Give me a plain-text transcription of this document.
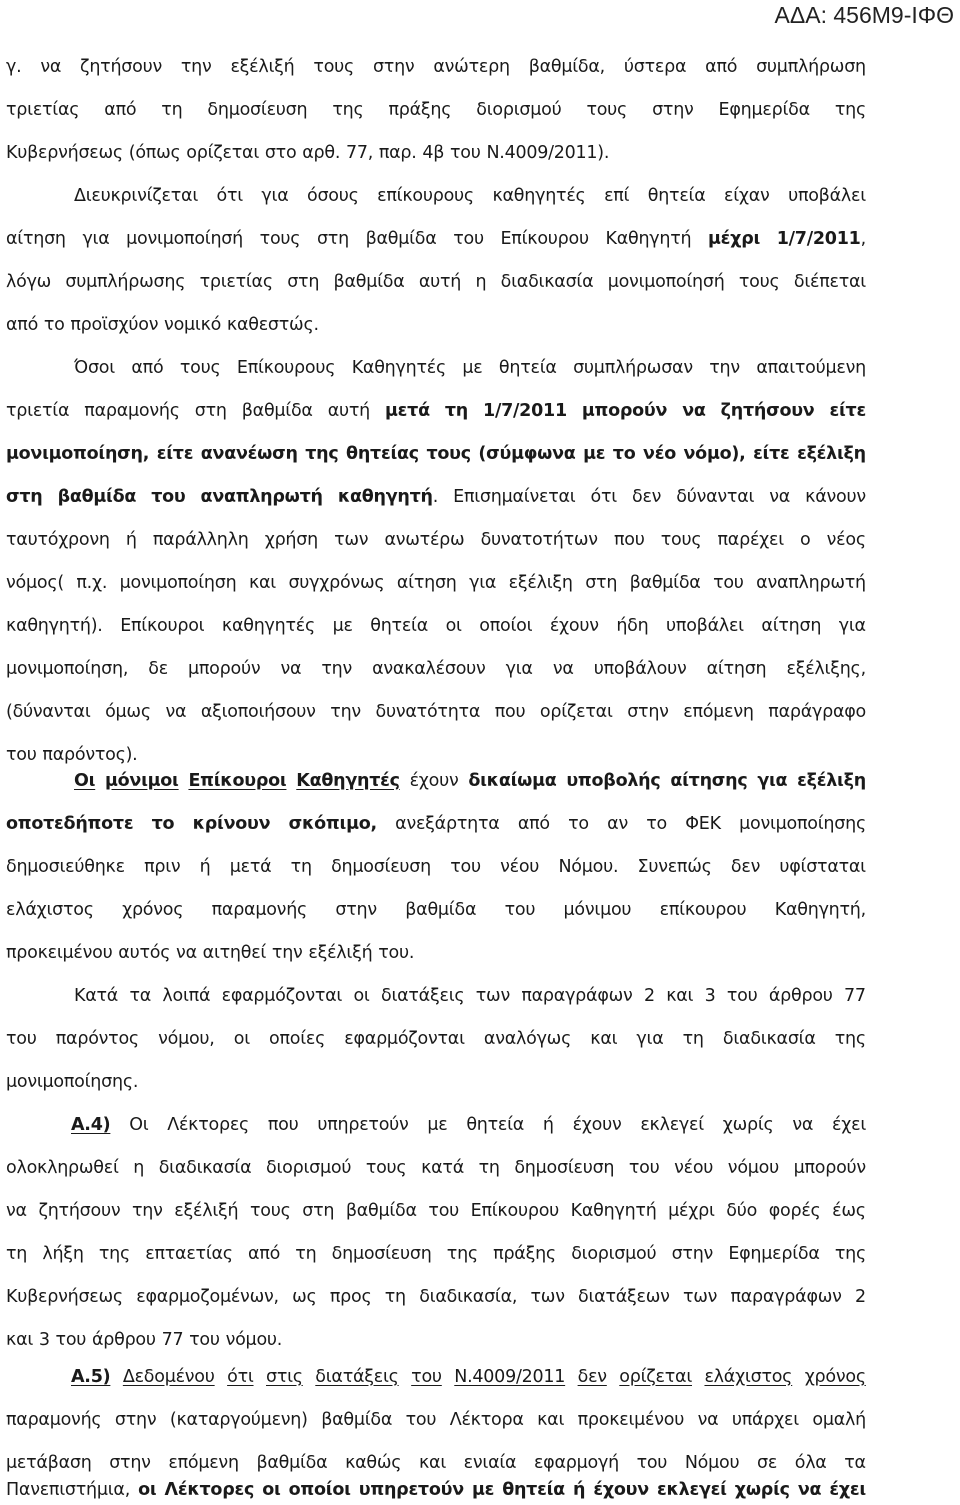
ΑΔΑ: 456Μ9-ΙΦΘ
γ. να ζητήσουν την εξέλιξή τους στην ανώτερη βαθμίδα, ύστερα από συμπλήρωση
τριετίας από τη δημοσίευση της πράξης διορισμού τους στην Εφημερίδα της
Κυβερνήσεως (όπως ορίζεται στο αρθ. 77, παρ. 4β του Ν.4009/2011).
Διευκρινίζεται ότι για όσους επίκουρους καθηγητές επί θητεία είχαν υποβάλει
αίτηση για μονιμοποίησή τους στη βαθμίδα του Επίκουρου Καθηγητή μέχρι 1/7/2011,
λόγω συμπλήρωσης τριετίας στη βαθμίδα αυτή η διαδικασία μονιμοποίησή τους διέπεται
από το προϊσχύον νομικό καθεστώς.
Όσοι από τους Επίκουρους Καθηγητές με θητεία συμπλήρωσαν την απαιτούμενη
τριετία παραμονής στη βαθμίδα αυτή μετά τη 1/7/2011 μπορούν να ζητήσουν είτε
μονιμοποίηση, είτε ανανέωση της θητείας τους (σύμφωνα με το νέο νόμο), είτε εξέλιξη
στη βαθμίδα του αναπληρωτή καθηγητή. Επισημαίνεται ότι δεν δύνανται να κάνουν
ταυτόχρονη ή παράλληλη χρήση των ανωτέρω δυνατοτήτων που τους παρέχει ο νέος
νόμος( π.χ. μονιμοποίηση και συγχρόνως αίτηση για εξέλιξη στη βαθμίδα του αναπληρωτή
καθηγητή). Επίκουροι καθηγητές με θητεία οι οποίοι έχουν ήδη υποβάλει αίτηση για
μονιμοποίηση, δε μπορούν να την ανακαλέσουν για να υποβάλουν αίτηση εξέλιξης,
(δύνανται όμως να αξιοποιήσουν την δυνατότητα που ορίζεται στην επόμενη παράγραφο
του παρόντος).
Οι μόνιμοι Επίκουροι Καθηγητές έχουν δικαίωμα υποβολής αίτησης για εξέλιξη
οποτεδήποτε το κρίνουν σκόπιμο, ανεξάρτητα από το αν το ΦΕΚ μονιμοποίησης
δημοσιεύθηκε πριν ή μετά τη δημοσίευση του νέου Νόμου. Συνεπώς δεν υφίσταται
ελάχιστος χρόνος παραμονής στην βαθμίδα του μόνιμου επίκουρου Καθηγητή,
προκειμένου αυτός να αιτηθεί την εξέλιξή του.
Κατά τα λοιπά εφαρμόζονται οι διατάξεις των παραγράφων 2 και 3 του άρθρου 77
του παρόντος νόμου, οι οποίες εφαρμόζονται αναλόγως και για τη διαδικασία της
μονιμοποίησης.
Α.4) Οι Λέκτορες που υπηρετούν με θητεία ή έχουν εκλεγεί χωρίς να έχει
ολοκληρωθεί η διαδικασία διορισμού τους κατά τη δημοσίευση του νέου νόμου μπορούν
να ζητήσουν την εξέλιξή τους στη βαθμίδα του Επίκουρου Καθηγητή μέχρι δύο φορές έως
τη λήξη της επταετίας από τη δημοσίευση της πράξης διορισμού στην Εφημερίδα της
Κυβερνήσεως εφαρμοζομένων, ως προς τη διαδικασία, των διατάξεων των παραγράφων 2
και 3 του άρθρου 77 του νόμου.
Α.5) Δεδομένου ότι στις διατάξεις του Ν.4009/2011 δεν ορίζεται ελάχιστος χρόνος
παραμονής στην (καταργούμενη) βαθμίδα του Λέκτορα και προκειμένου να υπάρχει ομαλή
μετάβαση στην επόμενη βαθμίδα καθώς και ενιαία εφαρμογή του Νόμου σε όλα τα
Πανεπιστήμια, οι Λέκτορες οι οποίοι υπηρετούν με θητεία ή έχουν εκλεγεί χωρίς να έχει
